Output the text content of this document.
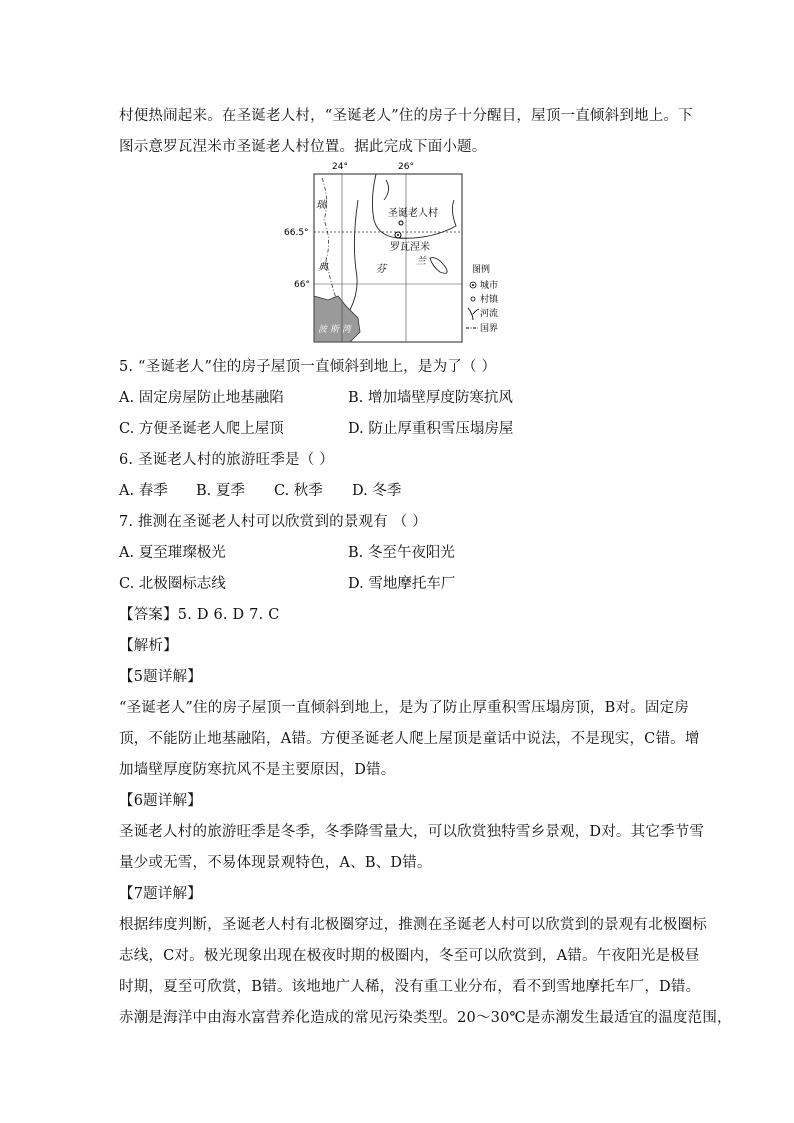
村便热闹起来。在圣诞老人村，“圣诞老人”住的房子十分醒目，屋顶一直倾斜到地上。下
图示意罗瓦涅米市圣诞老人村位置。据此完成下面小题。
24°	26°
66.5°
66°
圣诞老人村
罗瓦涅米
瑞
典	芬
兰
波 斯 湾
图例
城市
村镇
河流
国界
5. “圣诞老人”住的房子屋顶一直倾斜到地上，是为了（ ）
A. 固定房屋防止地基融陷	B. 增加墙壁厚度防寒抗风
C. 方便圣诞老人爬上屋顶	D. 防止厚重积雪压塌房屋
6. 圣诞老人村的旅游旺季是（ ）
A. 春季 B. 夏季 C. 秋季 D. 冬季
7. 推测在圣诞老人村可以欣赏到的景观有 （ ）
A. 夏至璀璨极光	B. 冬至午夜阳光
C. 北极圈标志线	D. 雪地摩托车厂
【答案】5. D 6. D 7. C
【解析】
【5题详解】
“圣诞老人”住的房子屋顶一直倾斜到地上，是为了防止厚重积雪压塌房顶，B对。固定房
顶，不能防止地基融陷，A错。方便圣诞老人爬上屋顶是童话中说法，不是现实，C错。增
加墙壁厚度防寒抗风不是主要原因，D错。
【6题详解】
圣诞老人村的旅游旺季是冬季，冬季降雪量大，可以欣赏独特雪乡景观，D对。其它季节雪
量少或无雪，不易体现景观特色，A、B、D错。
【7题详解】
根据纬度判断，圣诞老人村有北极圈穿过，推测在圣诞老人村可以欣赏到的景观有北极圈标
志线，C对。极光现象出现在极夜时期的极圈内，冬至可以欣赏到，A错。午夜阳光是极昼
时期，夏至可欣赏，B错。该地地广人稀，没有重工业分布，看不到雪地摩托车厂，D错。
赤潮是海洋中由海水富营养化造成的常见污染类型。20～30℃是赤潮发生最适宜的温度范围，
